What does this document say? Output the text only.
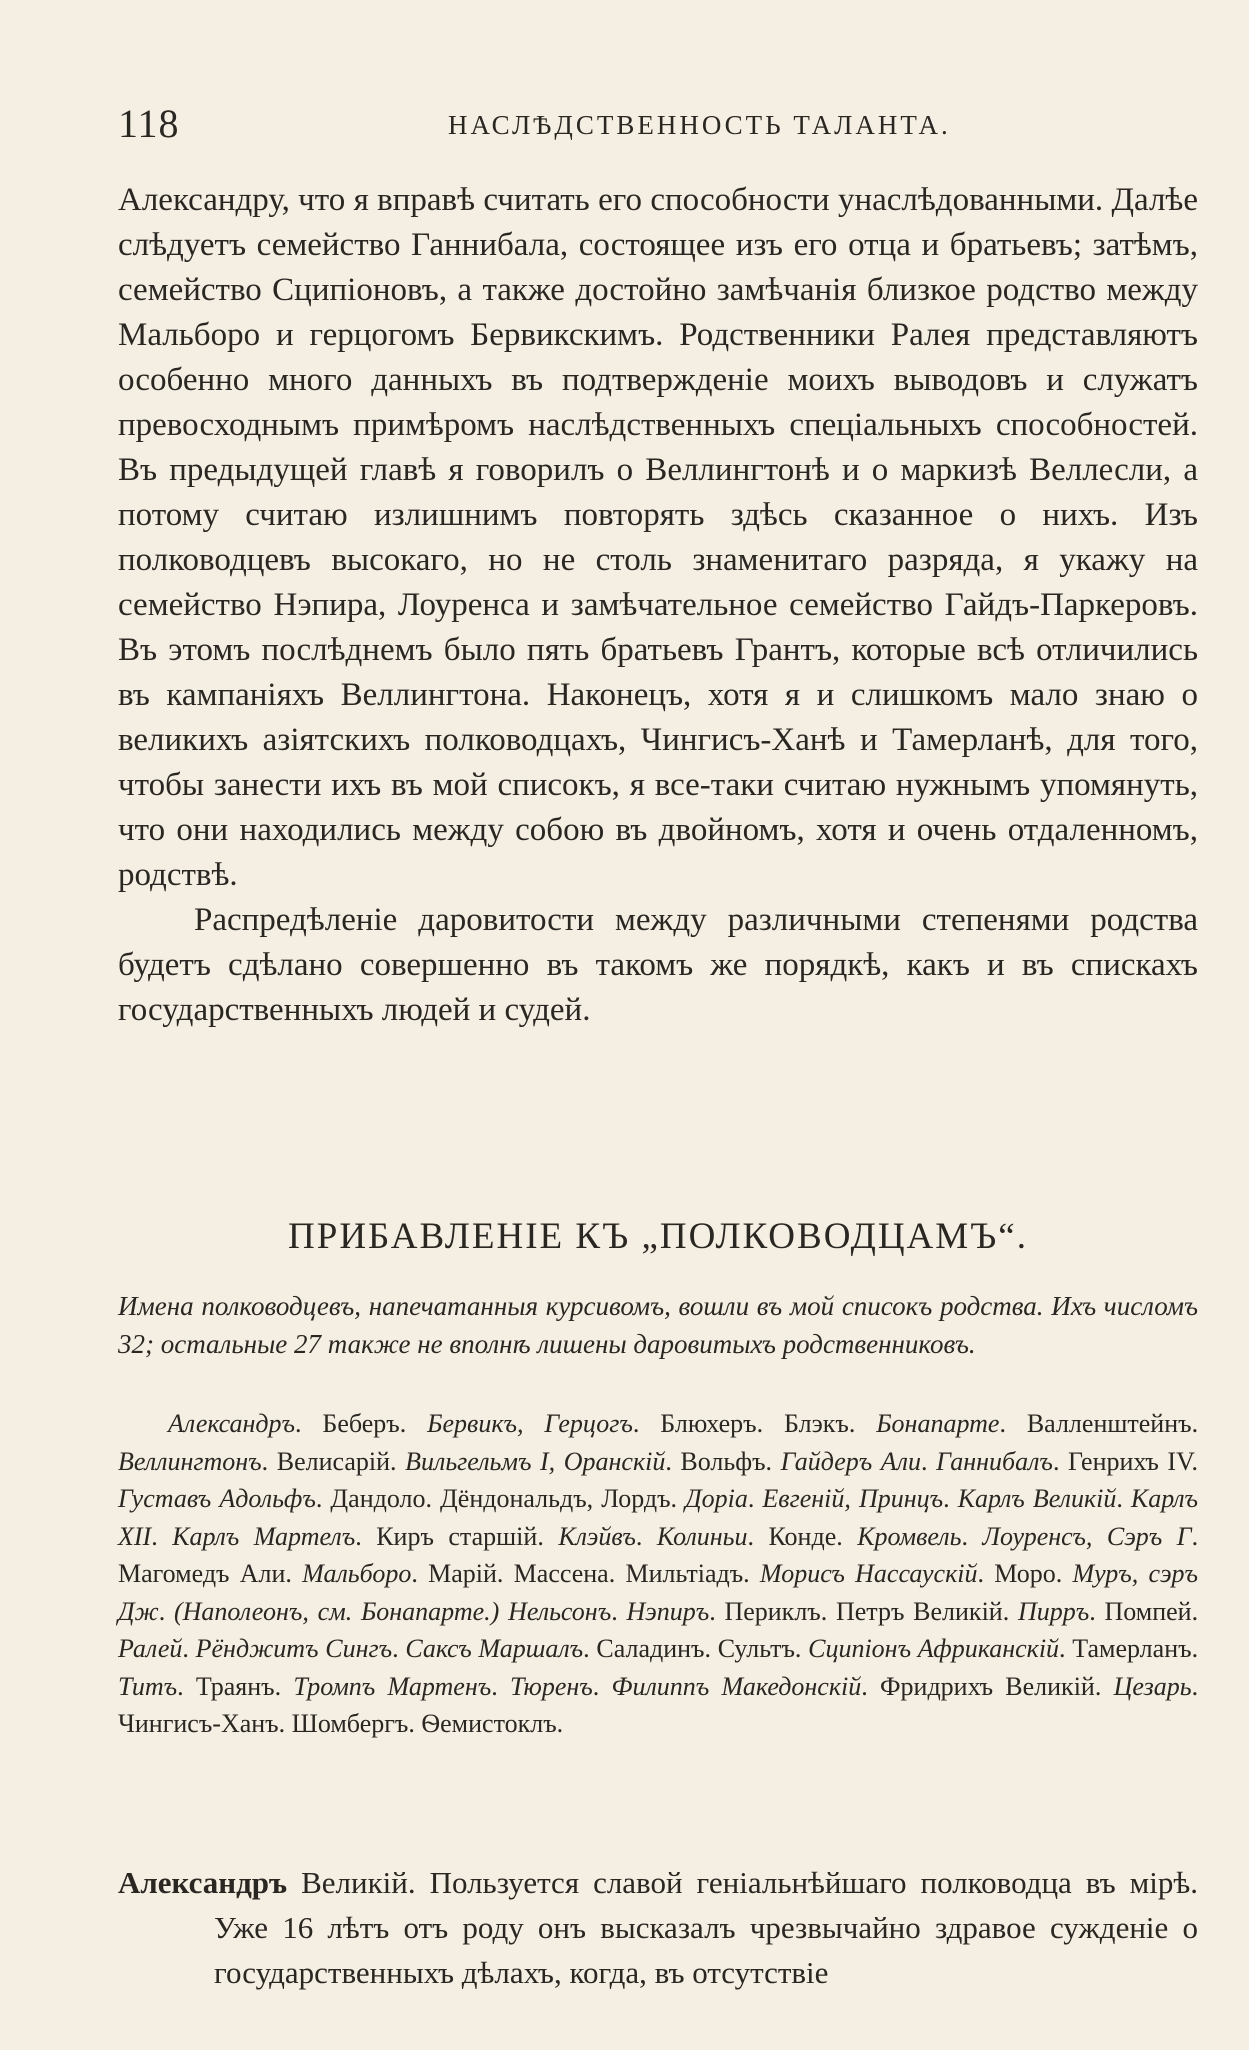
118	НАСЛѢДСТВЕННОСТЬ ТАЛАНТА.

Александру, что я вправѣ считать его способности унаслѣдованными. Далѣе слѣдуетъ семейство Ганнибала, состоящее изъ его отца и братьевъ; затѣмъ, семейство Сципіоновъ, а также достойно замѣчанія близкое родство между Мальборо и герцогомъ Бервикскимъ. Родственники Ралея представляютъ особенно много данныхъ въ подтвержденіе моихъ выводовъ и служатъ превосходнымъ примѣромъ наслѣдственныхъ спеціальныхъ способностей. Въ предыдущей главѣ я говорилъ о Веллингтонѣ и о маркизѣ Веллесли, а потому считаю излишнимъ повторять здѣсь сказанное о нихъ. Изъ полководцевъ высокаго, но не столь знаменитаго разряда, я укажу на семейство Нэпира, Лоуренса и замѣчательное семейство Гайдъ-Паркеровъ. Въ этомъ послѣднемъ было пять братьевъ Грантъ, которые всѣ отличились въ кампаніяхъ Веллингтона. Наконецъ, хотя я и слишкомъ мало знаю о великихъ азіятскихъ полководцахъ, Чингисъ-Ханѣ и Тамерланѣ, для того, чтобы занести ихъ въ мой списокъ, я все-таки считаю нужнымъ упомянуть, что они находились между собою въ двойномъ, хотя и очень отдаленномъ, родствѣ.

Распредѣленіе даровитости между различными степенями родства будетъ сдѣлано совершенно въ такомъ же порядкѣ, какъ и въ спискахъ государственныхъ людей и судей.

ПРИБАВЛЕНІЕ КЪ „ПОЛКОВОДЦАМЪ“.

Имена полководцевъ, напечатанныя курсивомъ, вошли въ мой списокъ родства. Ихъ числомъ 32; остальные 27 также не вполнѣ лишены даровитыхъ родственниковъ.

Александръ. Беберъ. Бервикъ, Герцогъ. Блюхеръ. Блэкъ. Бонапарте. Валленштейнъ. Веллингтонъ. Велисарій. Вильгельмъ I, Оранскій. Вольфъ. Гайдеръ Али. Ганнибалъ. Генрихъ IV. Густавъ Адольфъ. Дандоло. Дёндональдъ, Лордъ. Доріа. Евгеній, Принцъ. Карлъ Великій. Карлъ XII. Карлъ Мартелъ. Киръ старшій. Клэйвъ. Колиньи. Конде. Кромвель. Лоуренсъ, Сэръ Г. Магомедъ Али. Мальборо. Марій. Массена. Мильтіадъ. Морисъ Нассаускій. Моро. Муръ, сэръ Дж. (Наполеонъ, см. Бонапарте.) Нельсонъ. Нэпиръ. Периклъ. Петръ Великій. Пирръ. Помпей. Ралей. Рёнджитъ Сингъ. Саксъ Маршалъ. Саладинъ. Сультъ. Сципіонъ Африканскій. Тамерланъ. Титъ. Траянъ. Тромпъ Мартенъ. Тюренъ. Филиппъ Македонскій. Фридрихъ Великій. Цезарь. Чингисъ-Ханъ. Шомбергъ. Ѳемистоклъ.

Александръ Великій. Пользуется славой геніальнѣйшаго полководца въ мірѣ. Уже 16 лѣтъ отъ роду онъ высказалъ чрезвычайно здравое сужденіе о государственныхъ дѣлахъ, когда, въ отсутствіе
